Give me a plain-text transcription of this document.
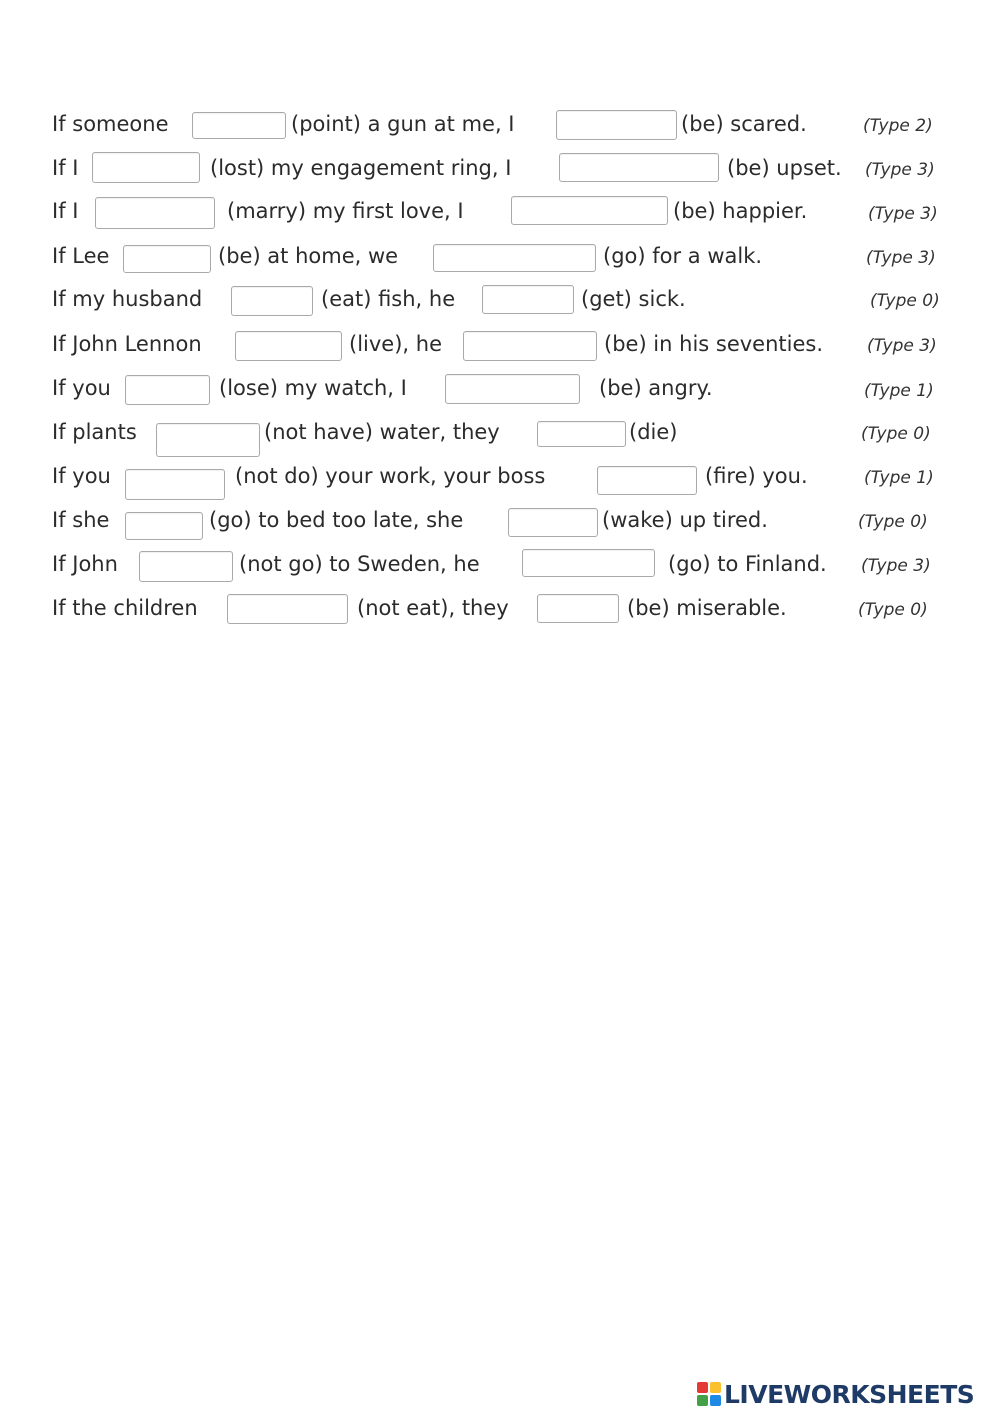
If someone	(point) a gun at me, I	(be) scared.	(Type 2)
If I	(lost) my engagement ring, I	(be) upset. (Type 3)
If I	(marry) my first love, I	(be) happier.	(Type 3)
If Lee	(be) at home, we	(go) for a walk.	(Type 3)
If my husband	(eat) fish, he	(get) sick.	(Type 0)
If John Lennon	(live), he	(be) in his seventies.	(Type 3)
If you	(lose) my watch, I	(be) angry.	(Type 1)
If plants	(not have) water, they	(die)	(Type 0)
If you	(not do) your work, your boss	(fire) you.	(Type 1)
If she	(go) to bed too late, she	(wake) up tired.	(Type 0)
If John	(not go) to Sweden, he	(go) to Finland. (Type 3)
If the children	(not eat), they	(be) miserable.	(Type 0)
LIVEWORKSHEETS
